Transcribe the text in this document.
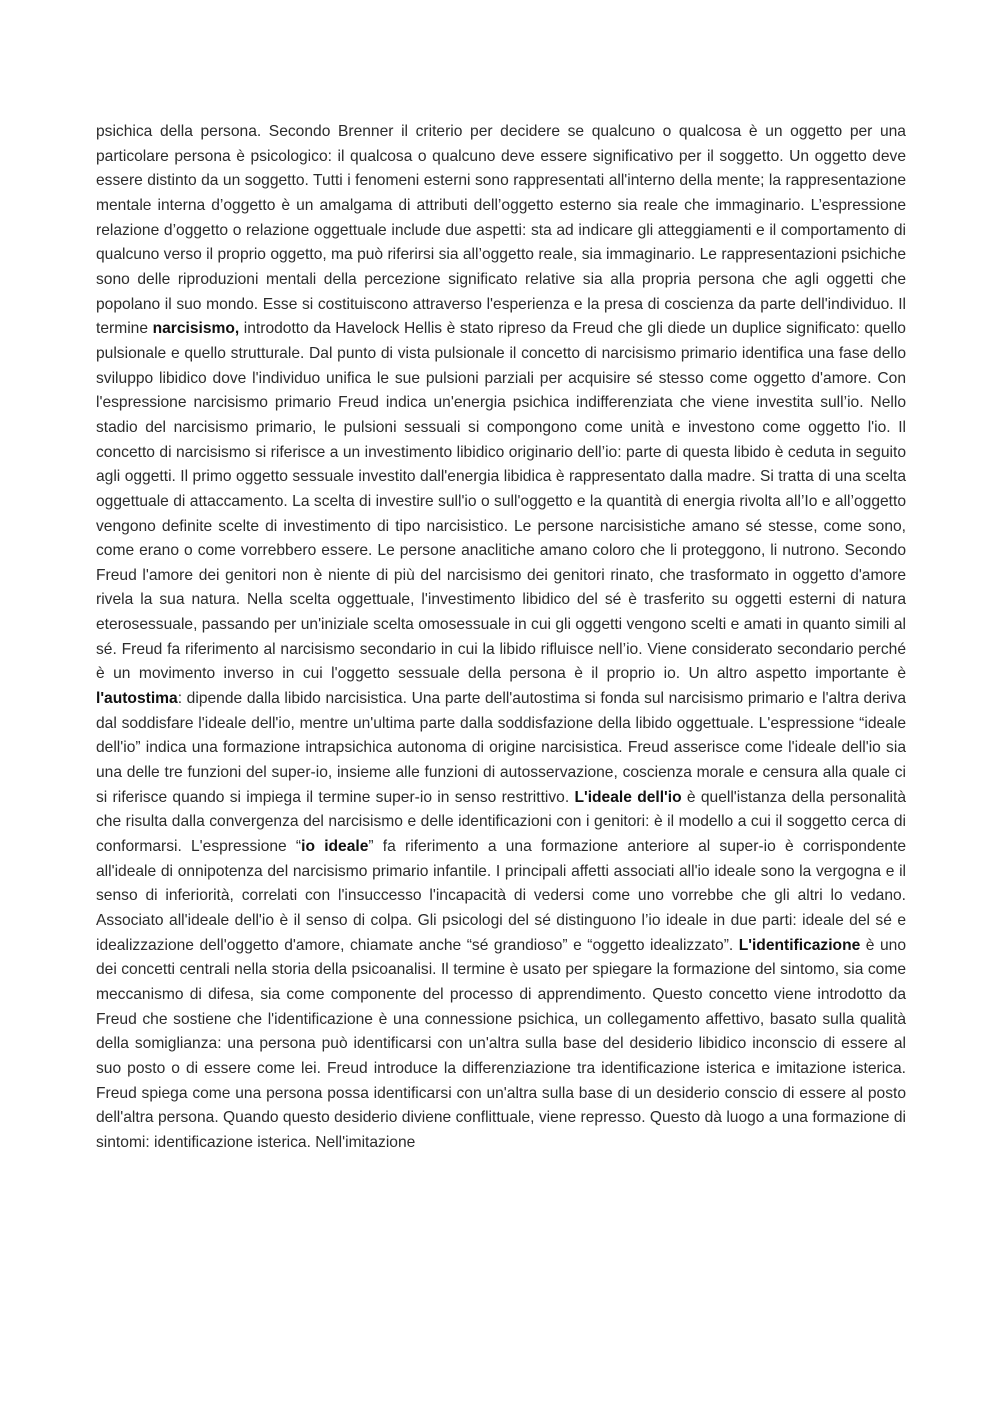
psichica della persona. Secondo Brenner il criterio per decidere se qualcuno o qualcosa è un oggetto per una particolare persona è psicologico: il qualcosa o qualcuno deve essere significativo per il soggetto. Un oggetto deve essere distinto da un soggetto. Tutti i fenomeni esterni sono rappresentati all'interno della mente; la rappresentazione mentale interna d’oggetto è un amalgama di attributi dell’oggetto esterno sia reale che immaginario. L’espressione relazione d’oggetto o relazione oggettuale include due aspetti: sta ad indicare gli atteggiamenti e il comportamento di qualcuno verso il proprio oggetto, ma può riferirsi sia all’oggetto reale, sia immaginario. Le rappresentazioni psichiche sono delle riproduzioni mentali della percezione significato relative sia alla propria persona che agli oggetti che popolano il suo mondo. Esse si costituiscono attraverso l'esperienza e la presa di coscienza da parte dell'individuo. Il termine narcisismo, introdotto da Havelock Hellis è stato ripreso da Freud che gli diede un duplice significato: quello pulsionale e quello strutturale. Dal punto di vista pulsionale il concetto di narcisismo primario identifica una fase dello sviluppo libidico dove l'individuo unifica le sue pulsioni parziali per acquisire sé stesso come oggetto d'amore. Con l'espressione narcisismo primario Freud indica un'energia psichica indifferenziata che viene investita sull’io. Nello stadio del narcisismo primario, le pulsioni sessuali si compongono come unità e investono come oggetto l'io. Il concetto di narcisismo si riferisce a un investimento libidico originario dell’io: parte di questa libido è ceduta in seguito agli oggetti. Il primo oggetto sessuale investito dall'energia libidica è rappresentato dalla madre. Si tratta di una scelta oggettuale di attaccamento. La scelta di investire sull'io o sull'oggetto e la quantità di energia rivolta all’Io e all’oggetto vengono definite scelte di investimento di tipo narcisistico. Le persone narcisistiche amano sé stesse, come sono, come erano o come vorrebbero essere. Le persone anaclitiche amano coloro che li proteggono, li nutrono. Secondo Freud l'amore dei genitori non è niente di più del narcisismo dei genitori rinato, che trasformato in oggetto d'amore rivela la sua natura. Nella scelta oggettuale, l'investimento libidico del sé è trasferito su oggetti esterni di natura eterosessuale, passando per un'iniziale scelta omosessuale in cui gli oggetti vengono scelti e amati in quanto simili al sé. Freud fa riferimento al narcisismo secondario in cui la libido rifluisce nell’io. Viene considerato secondario perché è un movimento inverso in cui l'oggetto sessuale della persona è il proprio io. Un altro aspetto importante è l'autostima: dipende dalla libido narcisistica. Una parte dell'autostima si fonda sul narcisismo primario e l'altra deriva dal soddisfare l'ideale dell'io, mentre un'ultima parte dalla soddisfazione della libido oggettuale. L'espressione “ideale dell'io” indica una formazione intrapsichica autonoma di origine narcisistica. Freud asserisce come l'ideale dell'io sia una delle tre funzioni del super-io, insieme alle funzioni di autosservazione, coscienza morale e censura alla quale ci si riferisce quando si impiega il termine super-io in senso restrittivo. L'ideale dell'io è quell'istanza della personalità che risulta dalla convergenza del narcisismo e delle identificazioni con i genitori: è il modello a cui il soggetto cerca di conformarsi. L'espressione “io ideale” fa riferimento a una formazione anteriore al super-io è corrispondente all'ideale di onnipotenza del narcisismo primario infantile. I principali affetti associati all'io ideale sono la vergogna e il senso di inferiorità, correlati con l'insuccesso l'incapacità di vedersi come uno vorrebbe che gli altri lo vedano. Associato all'ideale dell'io è il senso di colpa. Gli psicologi del sé distinguono l’io ideale in due parti: ideale del sé e idealizzazione dell'oggetto d'amore, chiamate anche “sé grandioso” e “oggetto idealizzato”. L'identificazione è uno dei concetti centrali nella storia della psicoanalisi. Il termine è usato per spiegare la formazione del sintomo, sia come meccanismo di difesa, sia come componente del processo di apprendimento. Questo concetto viene introdotto da Freud che sostiene che l'identificazione è una connessione psichica, un collegamento affettivo, basato sulla qualità della somiglianza: una persona può identificarsi con un'altra sulla base del desiderio libidico inconscio di essere al suo posto o di essere come lei. Freud introduce la differenziazione tra identificazione isterica e imitazione isterica. Freud spiega come una persona possa identificarsi con un'altra sulla base di un desiderio conscio di essere al posto dell'altra persona. Quando questo desiderio diviene conflittuale, viene represso. Questo dà luogo a una formazione di sintomi: identificazione isterica. Nell'imitazione
